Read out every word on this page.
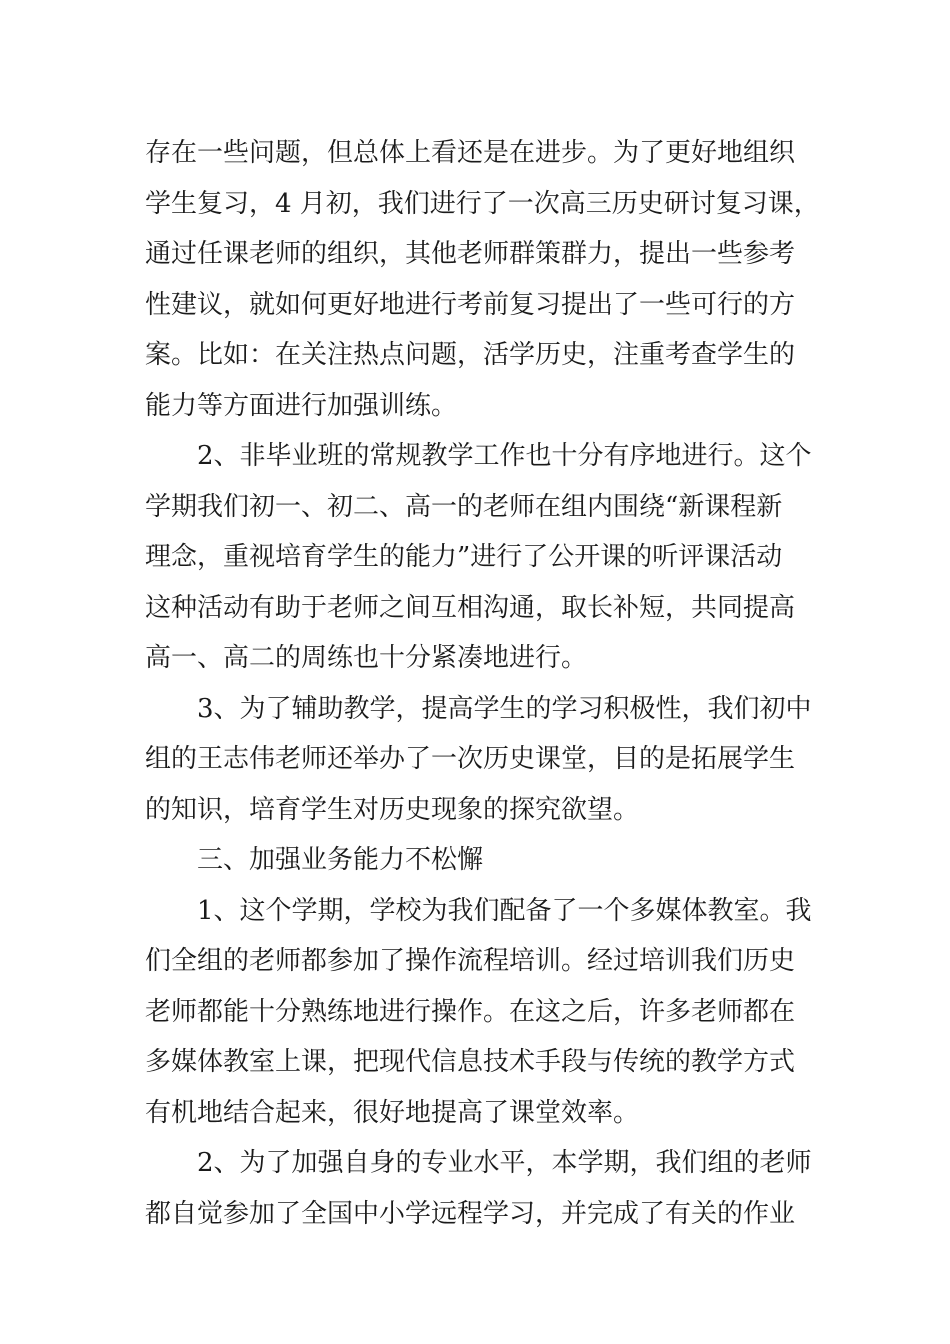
存在一些问题，但总体上看还是在进步。为了更好地组织
学生复习，4 月初，我们进行了一次高三历史研讨复习课，
通过任课老师的组织，其他老师群策群力，提出一些参考
性建议，就如何更好地进行考前复习提出了一些可行的方
案。比如：在关注热点问题，活学历史，注重考查学生的
能力等方面进行加强训练。
2、非毕业班的常规教学工作也十分有序地进行。这个
学期我们初一、初二、高一的老师在组内围绕“新课程新
理念，重视培育学生的能力”进行了公开课的听评课活动
这种活动有助于老师之间互相沟通，取长补短，共同提高
高一、高二的周练也十分紧凑地进行。
3、为了辅助教学，提高学生的学习积极性，我们初中
组的王志伟老师还举办了一次历史课堂，目的是拓展学生
的知识，培育学生对历史现象的探究欲望。
三、加强业务能力不松懈
1、这个学期，学校为我们配备了一个多媒体教室。我
们全组的老师都参加了操作流程培训。经过培训我们历史
老师都能十分熟练地进行操作。在这之后，许多老师都在
多媒体教室上课，把现代信息技术手段与传统的教学方式
有机地结合起来，很好地提高了课堂效率。
2、为了加强自身的专业水平，本学期，我们组的老师
都自觉参加了全国中小学远程学习，并完成了有关的作业
